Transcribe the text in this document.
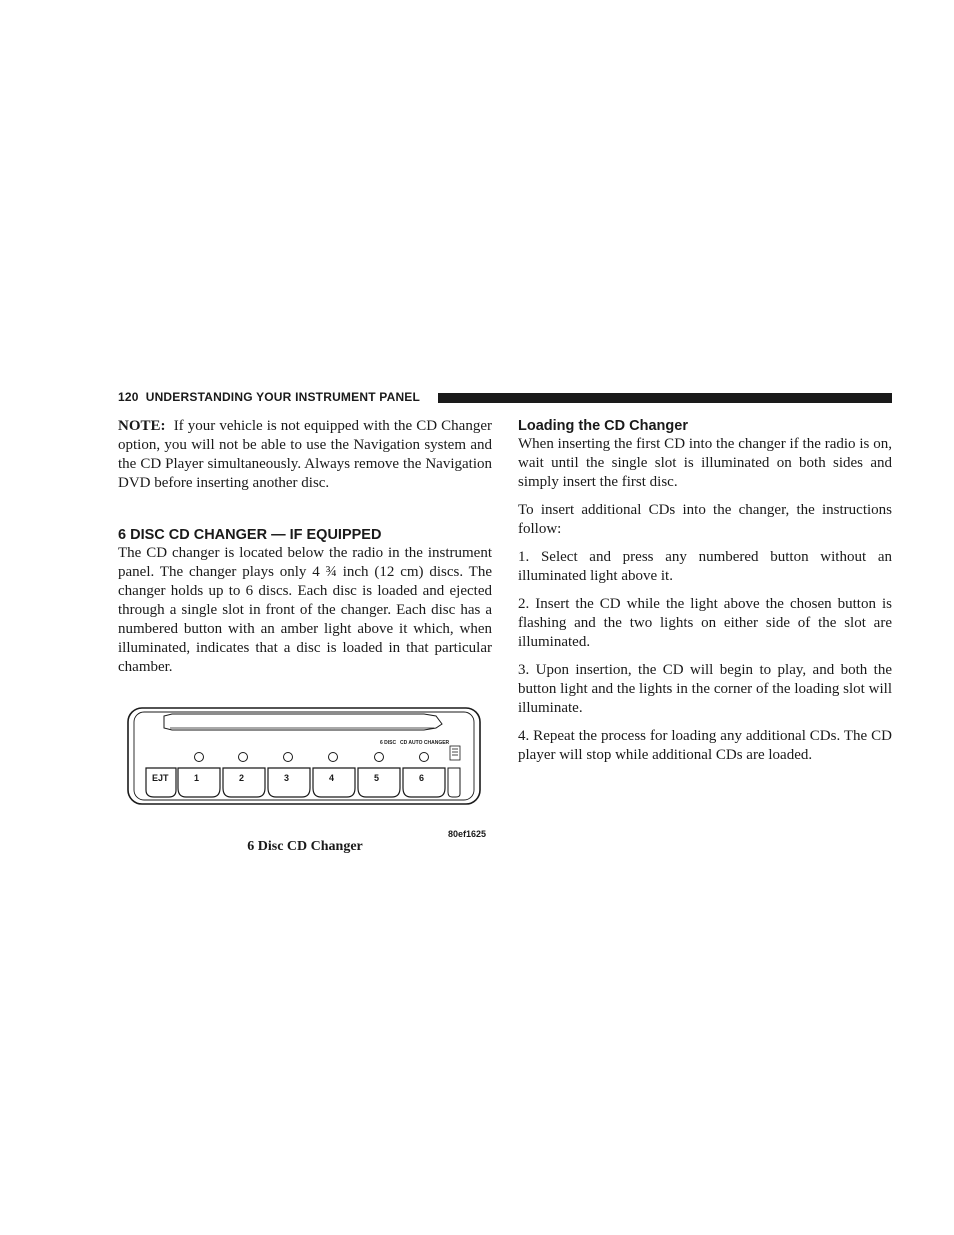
120 UNDERSTANDING YOUR INSTRUMENT PANEL

NOTE: If your vehicle is not equipped with the CD Changer option, you will not be able to use the Navigation system and the CD Player simultaneously. Always remove the Navigation DVD before inserting another disc.

6 DISC CD CHANGER — IF EQUIPPED

The CD changer is located below the radio in the instrument panel. The changer plays only 4 ¾ inch (12 cm) discs. The changer holds up to 6 discs. Each disc is loaded and ejected through a single slot in front of the changer. Each disc has a numbered button with an amber light above it which, when illuminated, indicates that a disc is loaded in that particular chamber.

6 DISC CD AUTO CHANGER
EJT	1	2	3	4	5	6
80ef1625
6 Disc CD Changer
Loading the CD Changer

When inserting the first CD into the changer if the radio is on, wait until the single slot is illuminated on both sides and simply insert the first disc.

To insert additional CDs into the changer, the instructions follow:

1. Select and press any numbered button without an illuminated light above it.

2. Insert the CD while the light above the chosen button is flashing and the two lights on either side of the slot are illuminated.

3. Upon insertion, the CD will begin to play, and both the button light and the lights in the corner of the loading slot will illuminate.

4. Repeat the process for loading any additional CDs. The CD player will stop while additional CDs are loaded.
